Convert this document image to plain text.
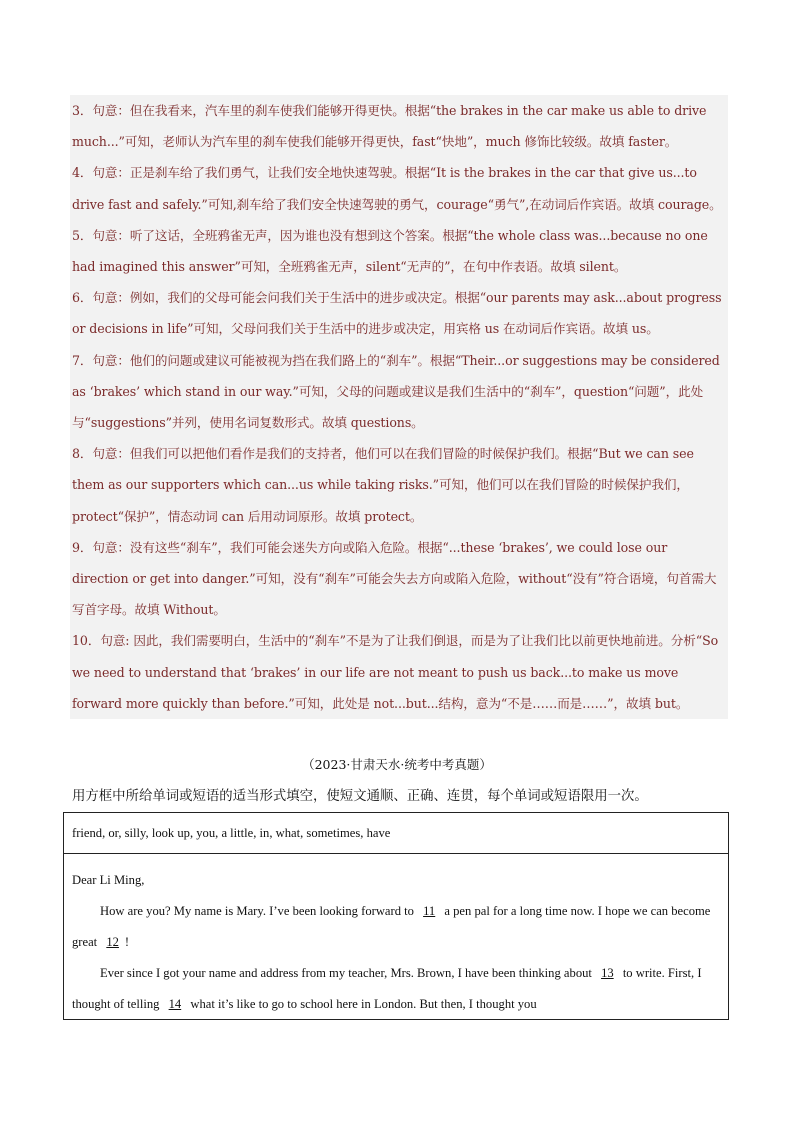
3．句意：但在我看来，汽车里的刹车使我们能够开得更快。根据“the brakes in the car make us able to drive much...”可知，老师认为汽车里的刹车使我们能够开得更快，fast“快地”，much 修饰比较级。故填 faster。

4．句意：正是刹车给了我们勇气，让我们安全地快速驾驶。根据“It is the brakes in the car that give us...to drive fast and safely.”可知,刹车给了我们安全快速驾驶的勇气，courage“勇气”,在动词后作宾语。故填 courage。

5．句意：听了这话，全班鸦雀无声，因为谁也没有想到这个答案。根据“the whole class was...because no one had imagined this answer”可知，全班鸦雀无声，silent“无声的”，在句中作表语。故填 silent。

6．句意：例如，我们的父母可能会问我们关于生活中的进步或决定。根据“our parents may ask...about progress or decisions in life”可知，父母问我们关于生活中的进步或决定，用宾格 us 在动词后作宾语。故填 us。

7．句意：他们的问题或建议可能被视为挡在我们路上的“刹车”。根据“Their...or suggestions may be considered as ‘brakes’ which stand in our way.”可知，父母的问题或建议是我们生活中的“刹车”，question“问题”，此处与“suggestions”并列，使用名词复数形式。故填 questions。

8．句意：但我们可以把他们看作是我们的支持者，他们可以在我们冒险的时候保护我们。根据“But we can see them as our supporters which can...us while taking risks.”可知，他们可以在我们冒险的时候保护我们，protect“保护”，情态动词 can 后用动词原形。故填 protect。

9．句意：没有这些“刹车”，我们可能会迷失方向或陷入危险。根据“...these ‘brakes’, we could lose our direction or get into danger.”可知，没有“刹车”可能会失去方向或陷入危险，without“没有”符合语境，句首需大写首字母。故填 Without。

10．句意: 因此，我们需要明白，生活中的“刹车”不是为了让我们倒退，而是为了让我们比以前更快地前进。分析“So we need to understand that ‘brakes’ in our life are not meant to push us back...to make us move forward more quickly than before.”可知，此处是 not...but...结构，意为“不是……而是……”，故填 but。

（2023·甘肃天水·统考中考真题）
用方框中所给单词或短语的适当形式填空，使短文通顺、正确、连贯，每个单词或短语限用一次。
friend, or, silly, look up, you, a little, in, what, sometimes, have

Dear Li Ming,

How are you? My name is Mary. I’ve been looking forward to 11 a pen pal for a long time now. I hope we can become great 12 !

Ever since I got your name and address from my teacher, Mrs. Brown, I have been thinking about 13 to write. First, I thought of telling 14 what it’s like to go to school here in London. But then, I thought you
